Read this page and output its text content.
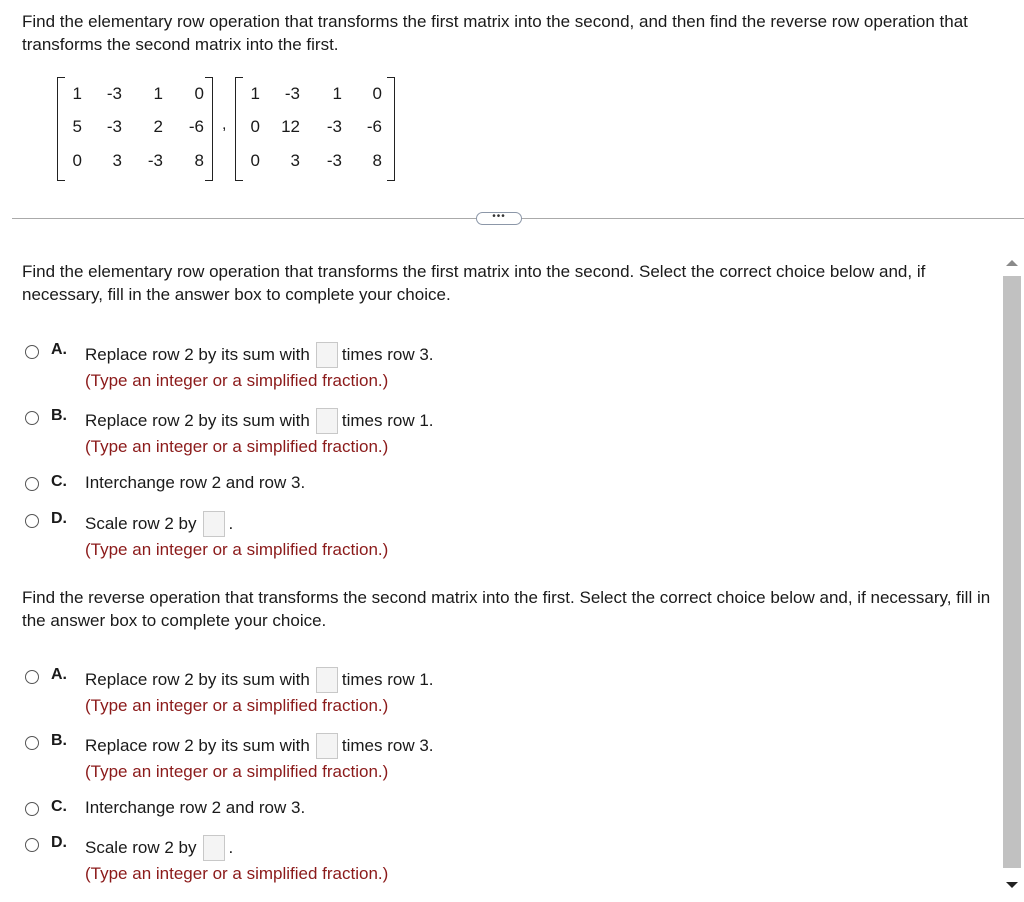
Find the elementary row operation that transforms the first matrix into the second, and then find the reverse row operation that transforms the second matrix into the first.
1	-3	1	0
5	-3	2	-6
0	3	-3	8
,
1	-3	1	0
0	12	-3	-6
0	3	-3	8
•••
Find the elementary row operation that transforms the first matrix into the second. Select the correct choice below and, if necessary, fill in the answer box to complete your choice.
A. Replace row 2 by its sum with times row 3.
(Type an integer or a simplified fraction.)
B. Replace row 2 by its sum with times row 1.
(Type an integer or a simplified fraction.)
C. Interchange row 2 and row 3.
D. Scale row 2 by .
(Type an integer or a simplified fraction.)
Find the reverse operation that transforms the second matrix into the first. Select the correct choice below and, if necessary, fill in the answer box to complete your choice.
A. Replace row 2 by its sum with times row 1.
(Type an integer or a simplified fraction.)
B. Replace row 2 by its sum with times row 3.
(Type an integer or a simplified fraction.)
C. Interchange row 2 and row 3.
D. Scale row 2 by .
(Type an integer or a simplified fraction.)
